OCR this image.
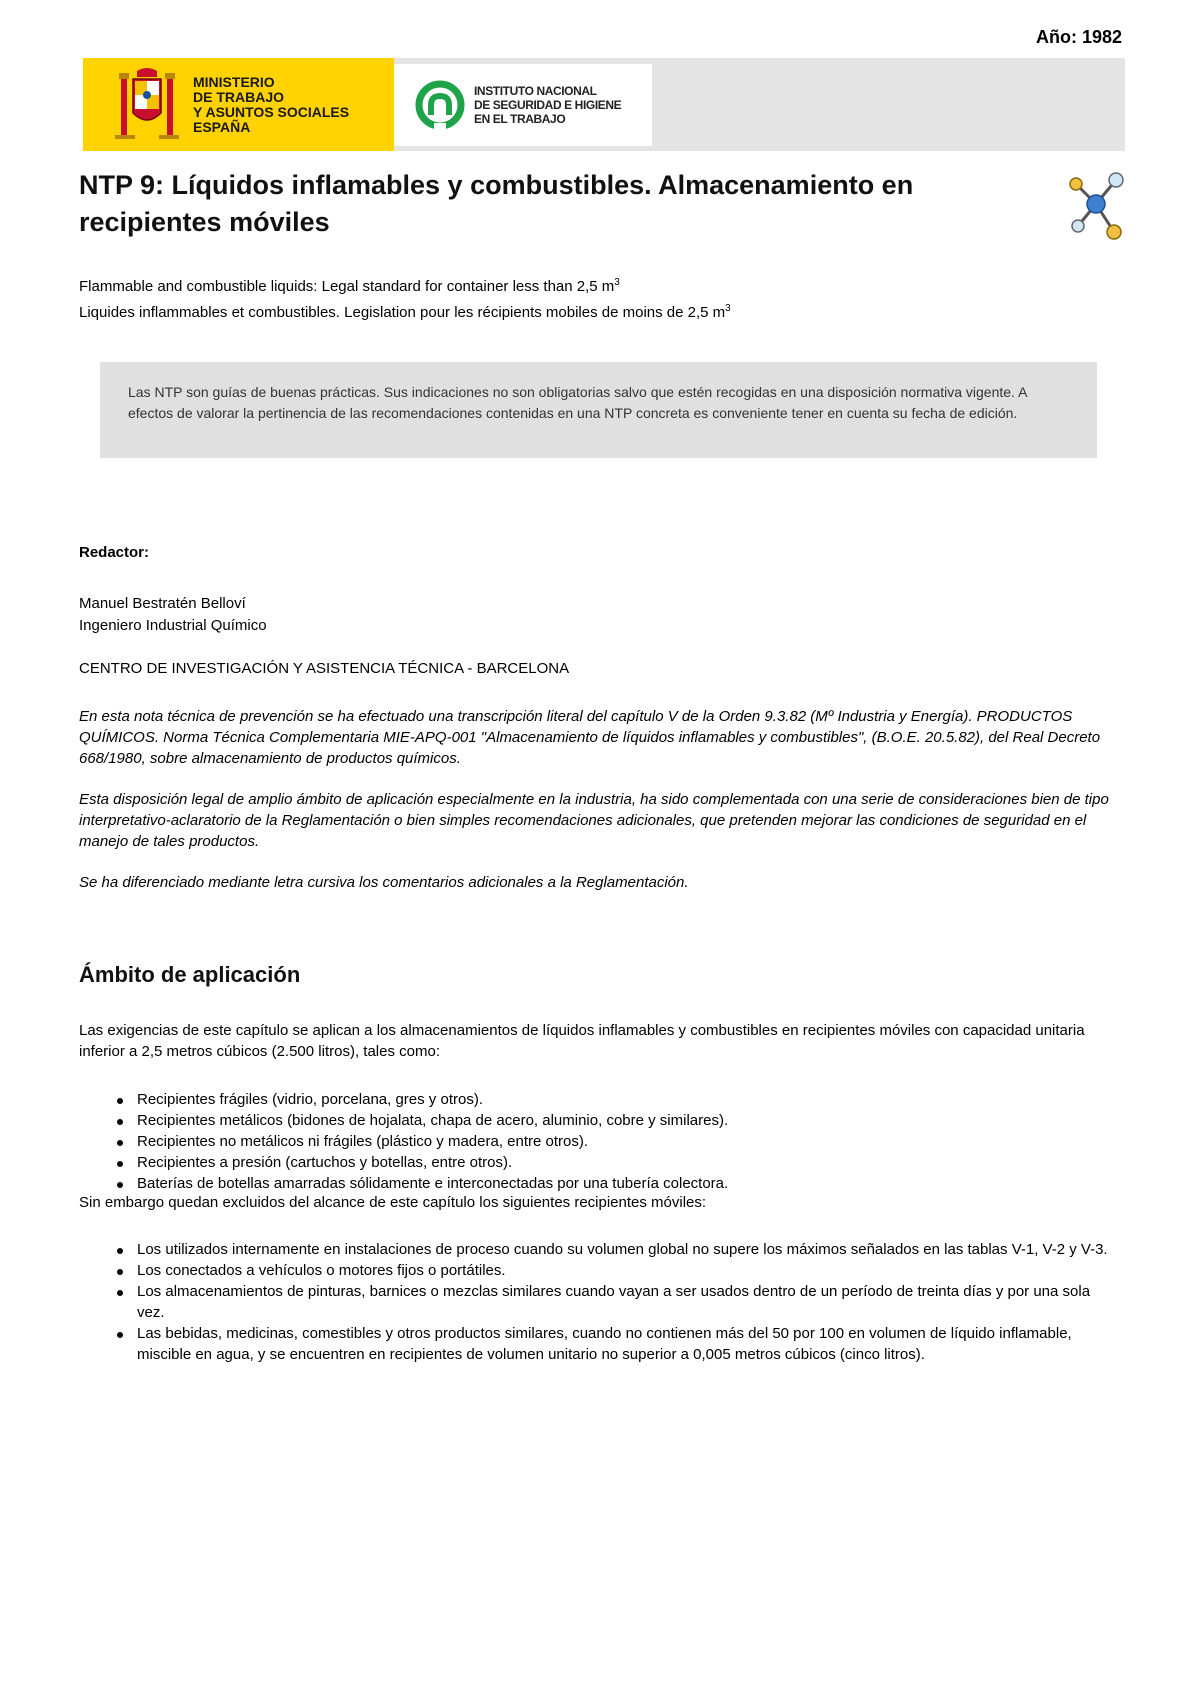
Año: 1982
MINISTERIO
DE TRABAJO
Y ASUNTOS SOCIALES
ESPAÑA
INSTITUTO NACIONAL
DE SEGURIDAD E HIGIENE
EN EL TRABAJO
NTP 9: Líquidos inflamables y combustibles. Almacenamiento en recipientes móviles
Flammable and combustible liquids: Legal standard for container less than 2,5 $m^3$
Liquides inflammables et combustibles. Legislation pour les récipients mobiles de moins de 2,5 $m^3$
Las NTP son guías de buenas prácticas. Sus indicaciones no son obligatorias salvo que estén recogidas en una disposición normativa vigente. A efectos de valorar la pertinencia de las recomendaciones contenidas en una NTP concreta es conveniente tener en cuenta su fecha de edición.
Redactor:
Manuel Bestratén Belloví
Ingeniero Industrial Químico
CENTRO DE INVESTIGACIÓN Y ASISTENCIA TÉCNICA - BARCELONA

En esta nota técnica de prevención se ha efectuado una transcripción literal del capítulo V de la Orden 9.3.82 (Mº Industria y Energía). PRODUCTOS QUÍMICOS. Norma Técnica Complementaria MIE-APQ-001 "Almacenamiento de líquidos inflamables y combustibles", (B.O.E. 20.5.82), del Real Decreto 668/1980, sobre almacenamiento de productos químicos.

Esta disposición legal de amplio ámbito de aplicación especialmente en la industria, ha sido complementada con una serie de consideraciones bien de tipo interpretativo-aclaratorio de la Reglamentación o bien simples recomendaciones adicionales, que pretenden mejorar las condiciones de seguridad en el manejo de tales productos.

Se ha diferenciado mediante letra cursiva los comentarios adicionales a la Reglamentación.

Ámbito de aplicación

Las exigencias de este capítulo se aplican a los almacenamientos de líquidos inflamables y combustibles en recipientes móviles con capacidad unitaria inferior a 2,5 metros cúbicos (2.500 litros), tales como:

Recipientes frágiles (vidrio, porcelana, gres y otros).
Recipientes metálicos (bidones de hojalata, chapa de acero, aluminio, cobre y similares).
Recipientes no metálicos ni frágiles (plástico y madera, entre otros).
Recipientes a presión (cartuchos y botellas, entre otros).
Baterías de botellas amarradas sólidamente e interconectadas por una tubería colectora.

Sin embargo quedan excluidos del alcance de este capítulo los siguientes recipientes móviles:

Los utilizados internamente en instalaciones de proceso cuando su volumen global no supere los máximos señalados en las tablas V-1, V-2 y V-3.
Los conectados a vehículos o motores fijos o portátiles.
Los almacenamientos de pinturas, barnices o mezclas similares cuando vayan a ser usados dentro de un período de treinta días y por una sola vez.
Las bebidas, medicinas, comestibles y otros productos similares, cuando no contienen más del 50 por 100 en volumen de líquido inflamable, miscible en agua, y se encuentren en recipientes de volumen unitario no superior a 0,005 metros cúbicos (cinco litros).
